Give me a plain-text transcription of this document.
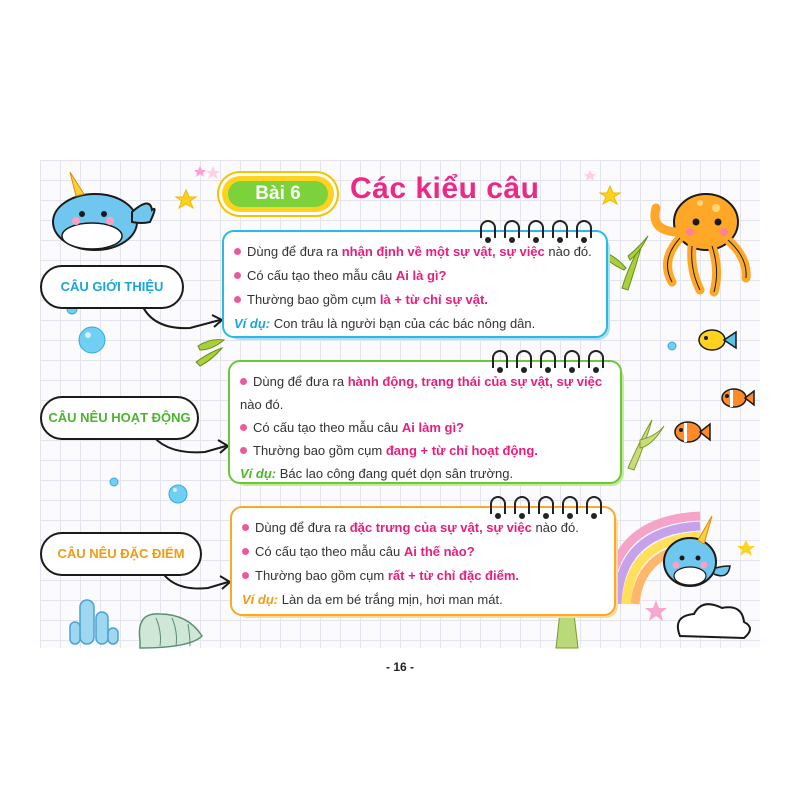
Bài 6	Các kiểu câu
CÂU GIỚI THIỆU
CÂU NÊU HOẠT ĐỘNG
CÂU NÊU ĐẶC ĐIỂM
Dùng để đưa ra nhận định về một sự vật, sự việc nào đó.
Có cấu tạo theo mẫu câu Ai là gì?
Thường bao gồm cụm là + từ chỉ sự vật.
Ví dụ: Con trâu là người bạn của các bác nông dân.
Dùng để đưa ra hành động, trạng thái của sự vật, sự việc
nào đó.
Có cấu tạo theo mẫu câu Ai làm gì?
Thường bao gồm cụm đang + từ chỉ hoạt động.
Ví dụ: Bác lao công đang quét dọn sân trường.
Dùng để đưa ra đặc trưng của sự vật, sự việc nào đó.
Có cấu tạo theo mẫu câu Ai thế nào?
Thường bao gồm cụm rất + từ chỉ đặc điểm.
Ví dụ: Làn da em bé trắng mịn, hơi man mát.
- 16 -
